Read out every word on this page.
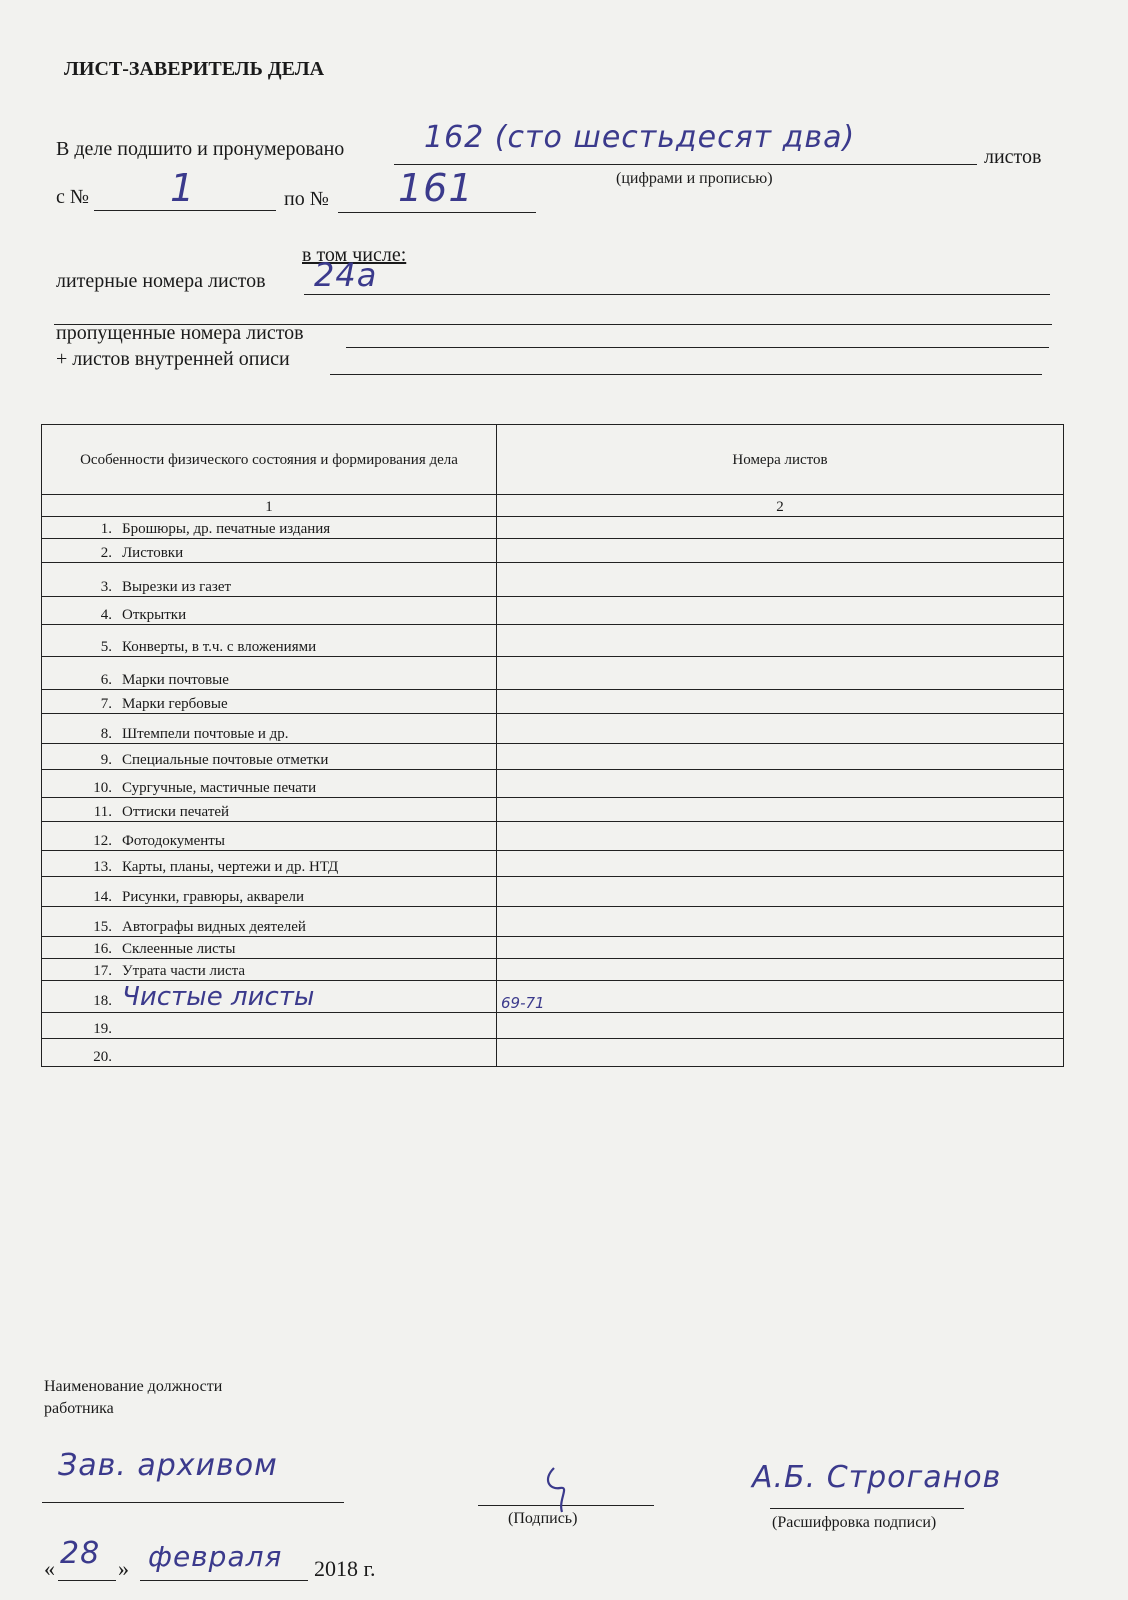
ЛИСТ-ЗАВЕРИТЕЛЬ ДЕЛА
В деле подшито и пронумеровано	162 (сто шестьдесят два)
листов
(цифрами и прописью)
с № 1	по № 161
в том числе:
литерные номера листов 24а
пропущенные номера листов
+ листов внутренней описи
Особенности физического состояния и формирования дела	Номера листов
1	2
1. Брошюры, др. печатные издания	
2. Листовки	
3. Вырезки из газет	
4. Открытки	
5. Конверты, в т.ч. с вложениями	
6. Марки почтовые	
7. Марки гербовые	
8. Штемпели почтовые и др.	
9. Специальные почтовые отметки	
10. Сургучные, мастичные печати	
11. Оттиски печатей	
12. Фотодокументы	
13. Карты, планы, чертежи и др. НТД	
14. Рисунки, гравюры, акварели	
15. Автографы видных деятелей	
16. Склеенные листы	
17. Утрата части листа	
18. Чистые листы	69-71
19.	
20.	
Наименование должности
работника
Зав. архивом
(Подпись)
А.Б. Строганов
(Расшифровка подписи)
« 28 » февраля 2018 г.
